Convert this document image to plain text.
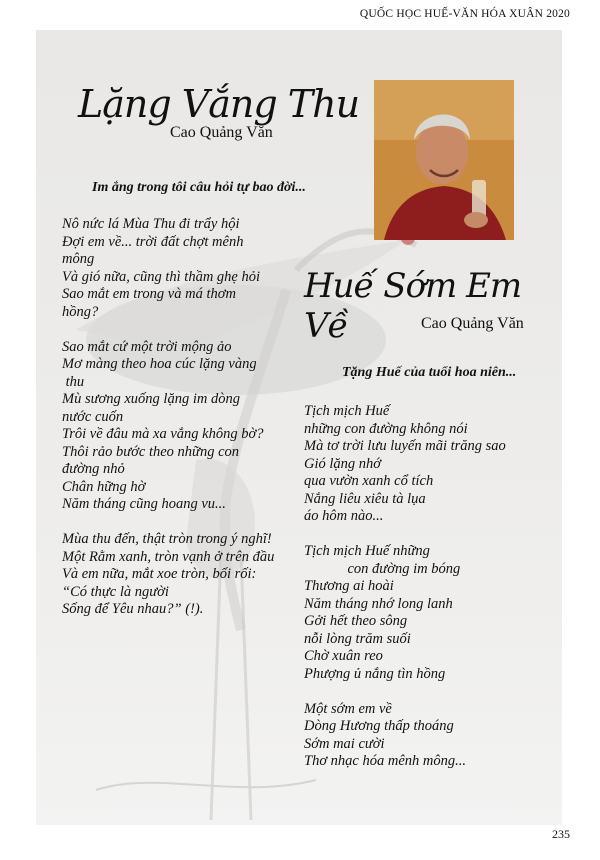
QUỐC HỌC HUẾ-VĂN HÓA XUÂN 2020
Lặng Vắng Thu
Cao Quảng Văn
Im ắng trong tôi câu hỏi tự bao đời...
Nô nức lá Mùa Thu đi trẩy hội
Đợi em về... trời đất chợt mênh
mông
Và gió nữa, cũng thì thầm ghẹ hỏi
Sao mắt em trong và má thơm
hồng?

Sao mắt cứ một trời mộng ảo
Mơ màng theo hoa cúc lặng vàng
thu
Mù sương xuống lặng im dòng
nước cuốn
Trôi về đâu mà xa vắng không bờ?
Thôi rảo bước theo những con
đường nhỏ
Chân hững hờ
Năm tháng cũng hoang vu...

Mùa thu đến, thật tròn trong ý nghĩ!
Một Rằm xanh, tròn vạnh ở trên đầu
Và em nữa, mắt xoe tròn, bối rối:
“Có thực là người
Sống để Yêu nhau?” (!).
Huế Sớm Em Về	Cao Quảng Văn
Tặng Huế của tuổi hoa niên...
Tịch mịch Huế
những con đường không nói
Mà tơ trời lưu luyến mãi trăng sao
Gió lặng nhớ
qua vườn xanh cổ tích
Nắng liêu xiêu tà lụa
áo hôm nào...

Tịch mịch Huế những
con đường im bóng
Thương ai hoài
Năm tháng nhớ long lanh
Gởi hết theo sông
nỗi lòng trăm suối
Chờ xuân reo
Phượng ủ nắng tìn hồng

Một sớm em về
Dòng Hương thấp thoáng
Sớm mai cười
Thơ nhạc hóa mênh mông...
235
